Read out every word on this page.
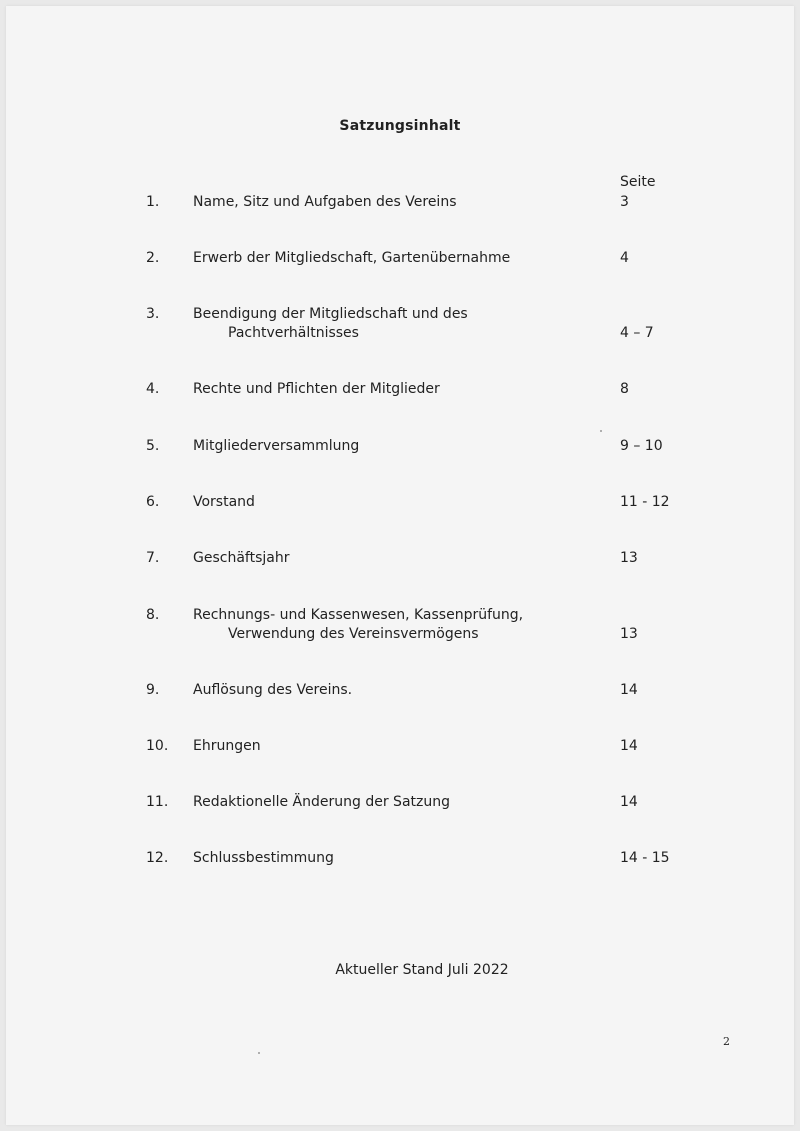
Satzungsinhalt
Seite
1. Name, Sitz und Aufgaben des Vereins	3
2. Erwerb der Mitgliedschaft, Gartenübernahme	4
3. Beendigung der Mitgliedschaft und des
Pachtverhältnisses	4 – 7
4. Rechte und Pflichten der Mitglieder	8
5. Mitgliederversammlung	9 – 10
6. Vorstand	11 - 12
7. Geschäftsjahr	13
8. Rechnungs- und Kassenwesen, Kassenprüfung,
Verwendung des Vereinsvermögens	13
9. Auflösung des Vereins.	14
10. Ehrungen	14
11. Redaktionelle Änderung der Satzung	14
12. Schlussbestimmung	14 - 15
Aktueller Stand Juli 2022
2
